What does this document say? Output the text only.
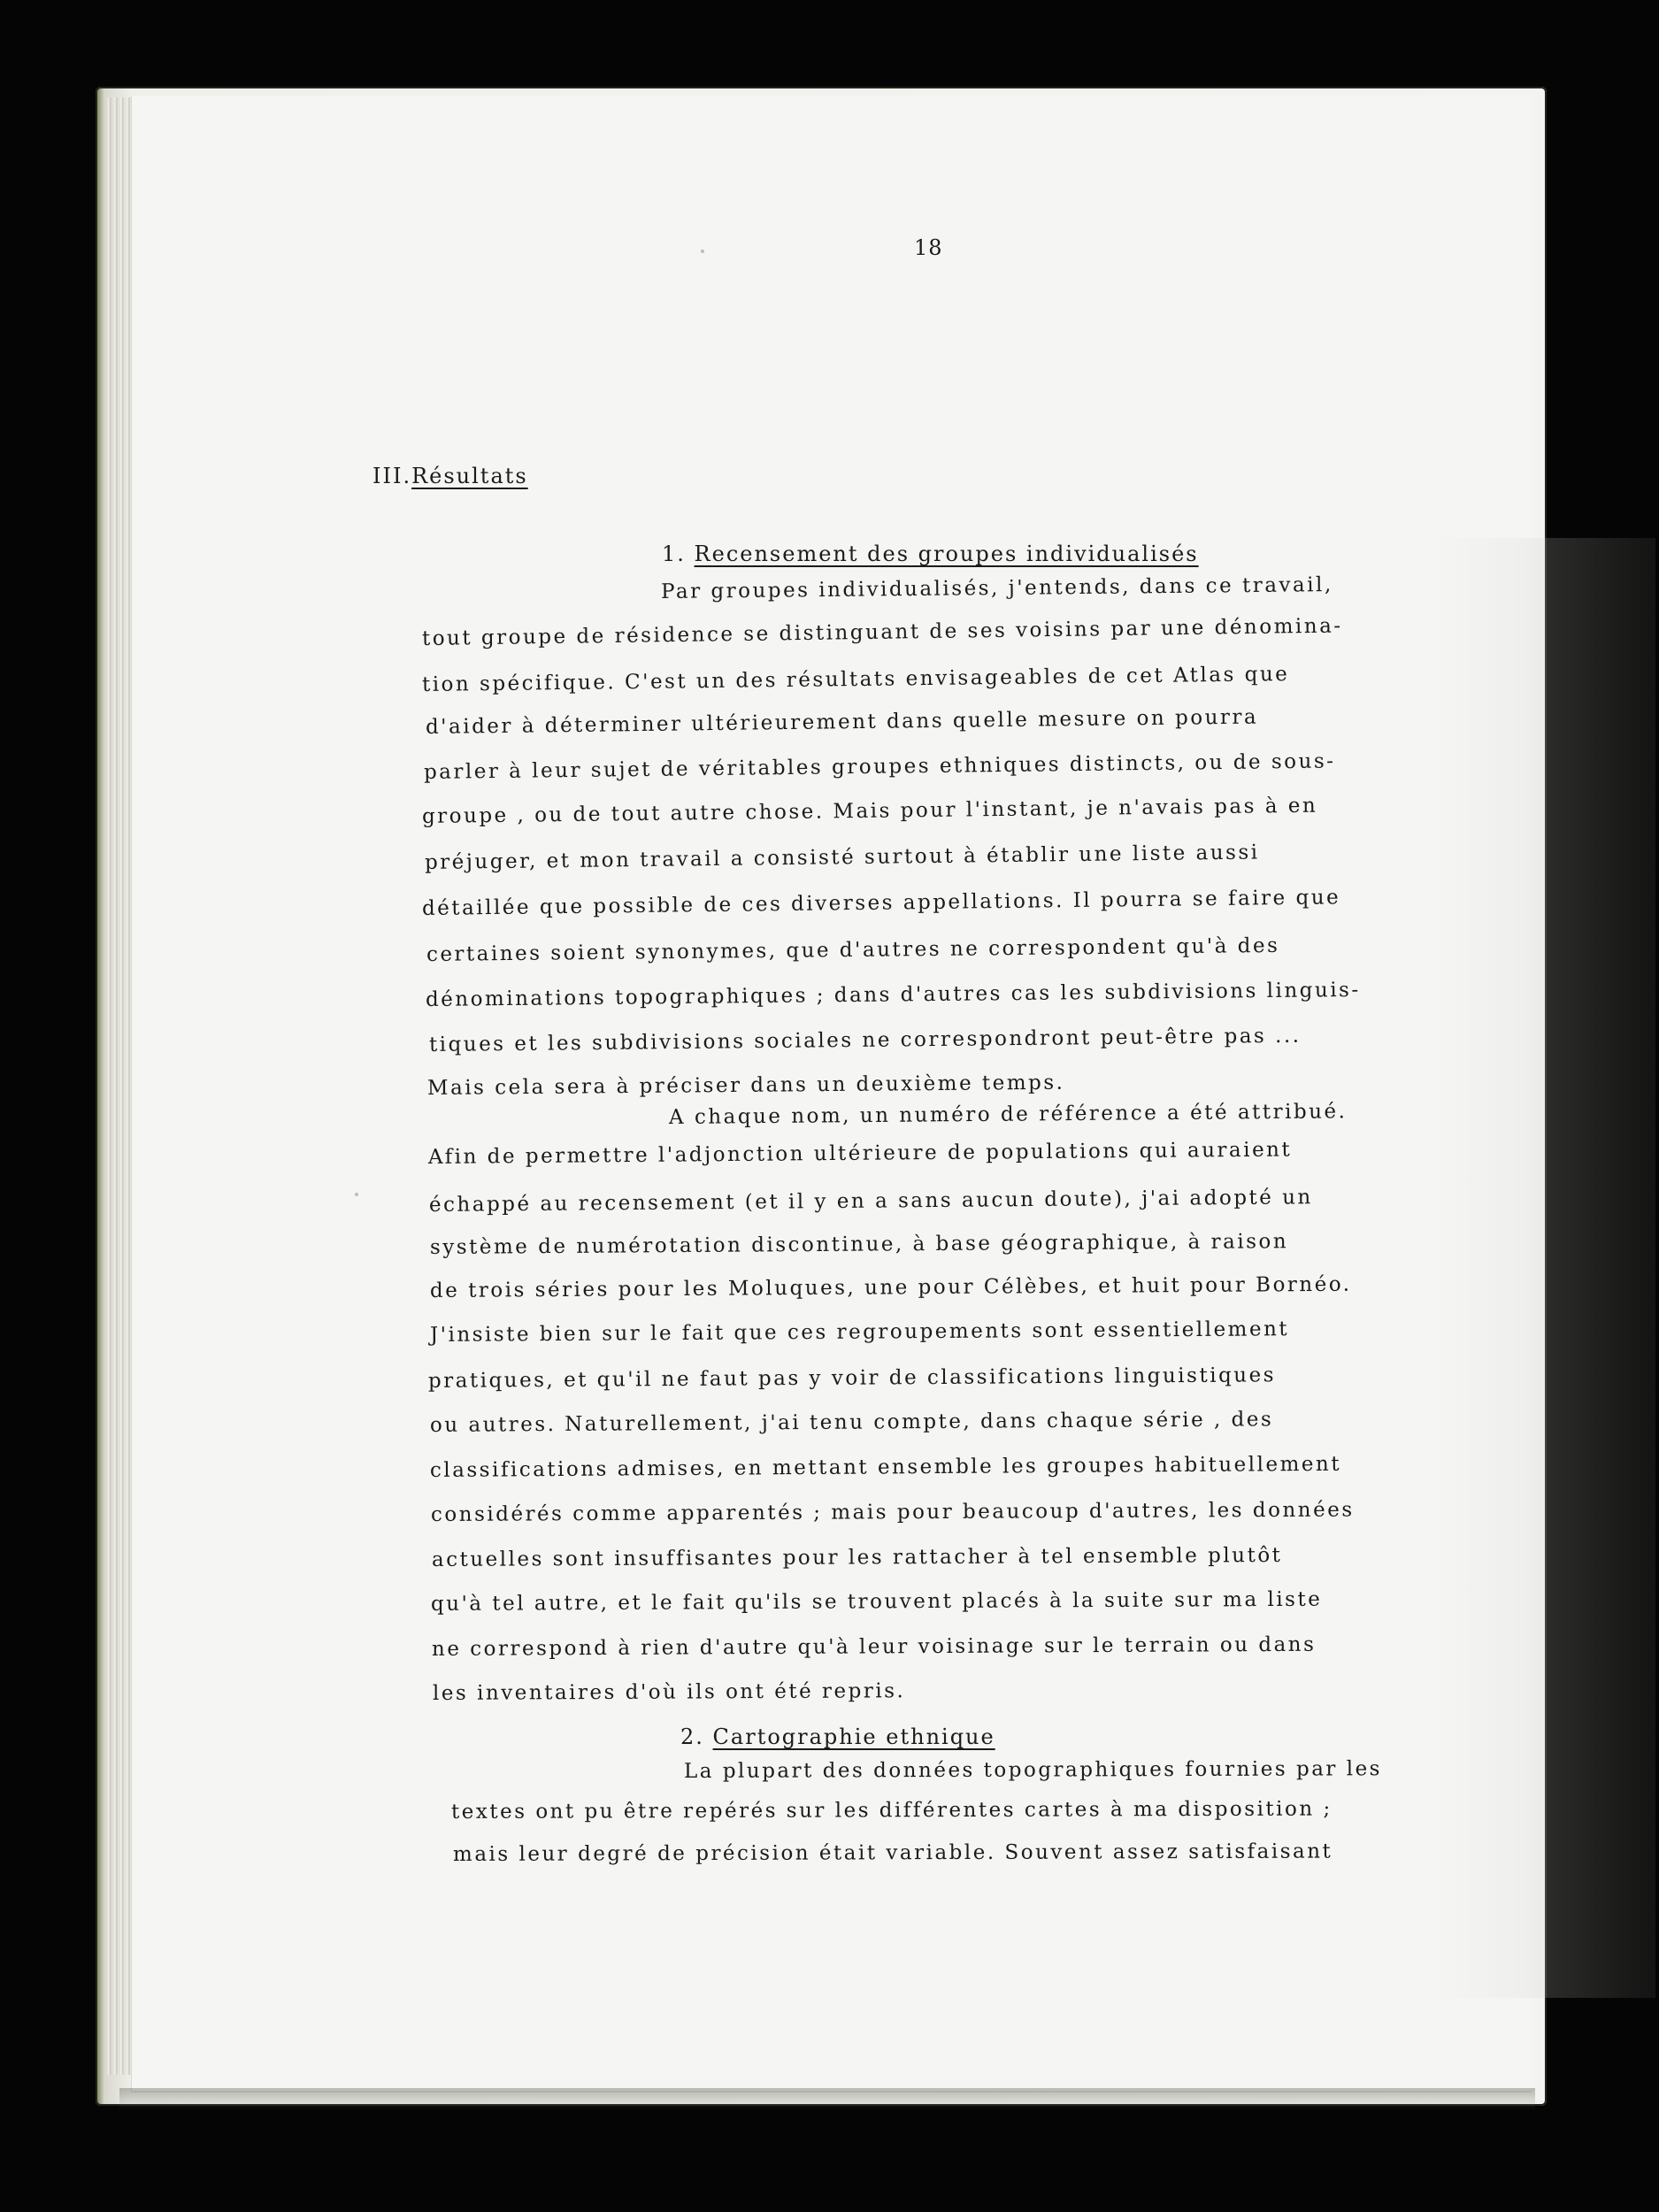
18
III.Résultats
1. Recensement des groupes individualisés
Par groupes individualisés, j'entends, dans ce travail,
tout groupe de résidence se distinguant de ses voisins par une dénomina-
tion spécifique. C'est un des résultats envisageables de cet Atlas que
d'aider à déterminer ultérieurement dans quelle mesure on pourra
parler à leur sujet de véritables groupes ethniques distincts, ou de sous-
groupe , ou de tout autre chose. Mais pour l'instant, je n'avais pas à en
préjuger, et mon travail a consisté surtout à établir une liste aussi
détaillée que possible de ces diverses appellations. Il pourra se faire que
certaines soient synonymes, que d'autres ne correspondent qu'à des
dénominations topographiques ; dans d'autres cas les subdivisions linguis-
tiques et les subdivisions sociales ne correspondront peut-être pas ...
Mais cela sera à préciser dans un deuxième temps.
A chaque nom, un numéro de référence a été attribué.
Afin de permettre l'adjonction ultérieure de populations qui auraient
échappé au recensement (et il y en a sans aucun doute), j'ai adopté un
système de numérotation discontinue, à base géographique, à raison
de trois séries pour les Moluques, une pour Célèbes, et huit pour Bornéo.
J'insiste bien sur le fait que ces regroupements sont essentiellement
pratiques, et qu'il ne faut pas y voir de classifications linguistiques
ou autres. Naturellement, j'ai tenu compte, dans chaque série , des
classifications admises, en mettant ensemble les groupes habituellement
considérés comme apparentés ; mais pour beaucoup d'autres, les données
actuelles sont insuffisantes pour les rattacher à tel ensemble plutôt
qu'à tel autre, et le fait qu'ils se trouvent placés à la suite sur ma liste
ne correspond à rien d'autre qu'à leur voisinage sur le terrain ou dans
les inventaires d'où ils ont été repris.
2. Cartographie ethnique
La plupart des données topographiques fournies par les
textes ont pu être repérés sur les différentes cartes à ma disposition ;
mais leur degré de précision était variable. Souvent assez satisfaisant
